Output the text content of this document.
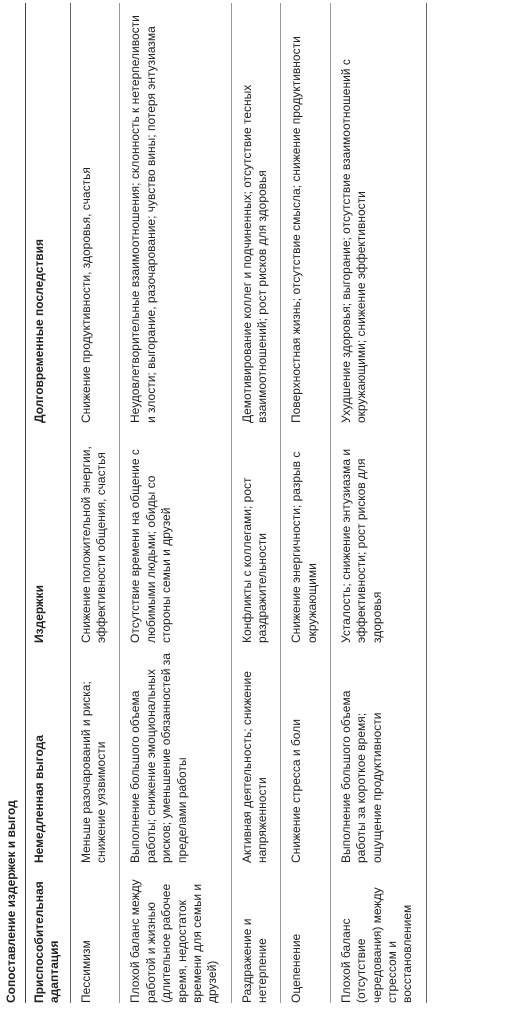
Сопоставление издержек и выгод Приспособительная адаптация	Немедленная выгода	Издержки	Долговременные последствия
Пессимизм	Меньше разочарований и риска; снижение уязвимости	Снижение положительной энергии, эффективности общения, счастья	Снижение продуктивности, здоровья, счастья
Плохой баланс между работой и жизнью (длительное рабочее время, недостаток времени для семьи и друзей)	Выполнение большого объема работы; снижение эмоциональных рисков; уменьшение обязанностей за пределами работы	Отсутствие времени на общение с любимыми людьми; обиды со стороны семьи и друзей	Неудовлетворительные взаимоотношения; склонность к нетерпеливости и злости; выгорание, разочарование; чувство вины; потеря энтузиазма
Раздражение и нетерпение	Активная деятельность; снижение напряженности	Конфликты с коллегами; рост раздражительности	Демотивирование коллег и подчиненных; отсутствие тесных взаимоотношений; рост рисков для здоровья
Оцепенение	Снижение стресса и боли	Снижение энергичности; разрыв с окружающими	Поверхностная жизнь; отсутствие смысла; снижение продуктивности
Плохой баланс (отсутствие чередования) между стрессом и восстановлением	Выполнение большого объема работы за короткое время; ощущение продуктивности	Усталость; снижение энтузиазма и эффективности; рост рисков для здоровья	Ухудшение здоровья; выгорание; отсутствие взаимоотношений с окружающими; снижение эффективности
